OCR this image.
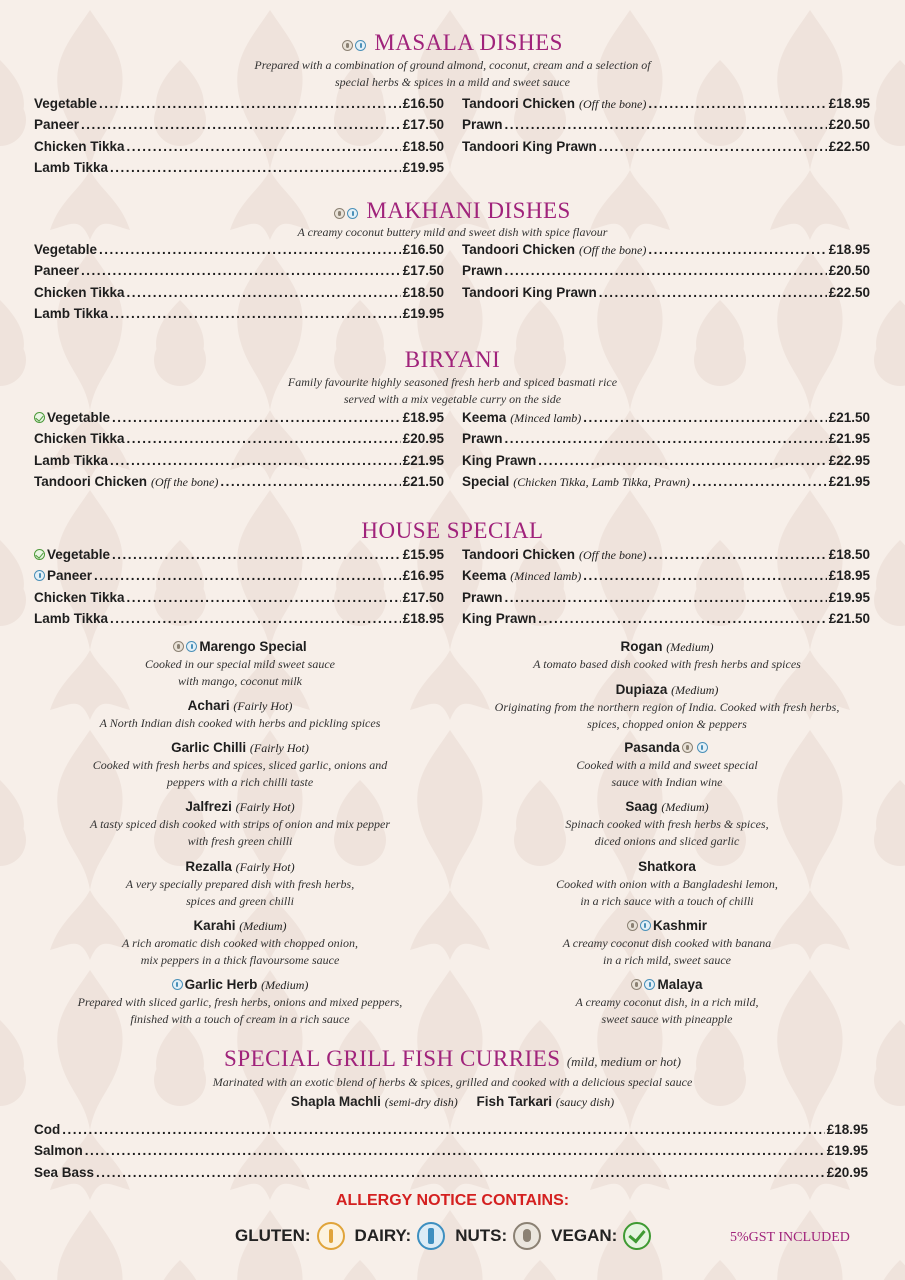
MASALA DISHES
Prepared with a combination of ground almond, coconut, cream and a selection of
special herbs & spices in a mild and sweet sauce
Vegetable .....	£16.50
Paneer .....	£17.50
Chicken Tikka .....	£18.50
Lamb Tikka .....	£19.95
Tandoori Chicken (Off the bone) .....	£18.95
Prawn .....	£20.50
Tandoori King Prawn .....	£22.50
MAKHANI DISHES
A creamy coconut buttery mild and sweet dish with spice flavour
Vegetable .....	£16.50
Paneer .....	£17.50
Chicken Tikka .....	£18.50
Lamb Tikka .....	£19.95
Tandoori Chicken (Off the bone) .....	£18.95
Prawn .....	£20.50
Tandoori King Prawn .....	£22.50
BIRYANI
Family favourite highly seasoned fresh herb and spiced basmati rice
served with a mix vegetable curry on the side
Vegetable .....	£18.95
Chicken Tikka .....	£20.95
Lamb Tikka .....	£21.95
Tandoori Chicken (Off the bone) .....	£21.50
Keema (Minced lamb) .....	£21.50
Prawn .....	£21.95
King Prawn .....	£22.95
Special (Chicken Tikka, Lamb Tikka, Prawn) .....	£21.95
HOUSE SPECIAL
Vegetable .....	£15.95
Paneer .....	£16.95
Chicken Tikka .....	£17.50
Lamb Tikka .....	£18.95
Tandoori Chicken (Off the bone) .....	£18.50
Keema (Minced lamb) .....	£18.95
Prawn .....	£19.95
King Prawn .....	£21.50
Marengo Special
Cooked in our special mild sweet sauce
with mango, coconut milk
Achari (Fairly Hot)
A North Indian dish cooked with herbs and pickling spices
Garlic Chilli (Fairly Hot)
Cooked with fresh herbs and spices, sliced garlic, onions and
peppers with a rich chilli taste
Jalfrezi (Fairly Hot)
A tasty spiced dish cooked with strips of onion and mix pepper
with fresh green chilli
Rezalla (Fairly Hot)
A very specially prepared dish with fresh herbs,
spices and green chilli
Karahi (Medium)
A rich aromatic dish cooked with chopped onion,
mix peppers in a thick flavoursome sauce
Garlic Herb (Medium)
Prepared with sliced garlic, fresh herbs, onions and mixed peppers,
finished with a touch of cream in a rich sauce
Rogan (Medium)
A tomato based dish cooked with fresh herbs and spices
Dupiaza (Medium)
Originating from the northern region of India. Cooked with fresh herbs,
spices, chopped onion & peppers
Pasanda
Cooked with a mild and sweet special
sauce with Indian wine
Saag (Medium)
Spinach cooked with fresh herbs & spices,
diced onions and sliced garlic
Shatkora
Cooked with onion with a Bangladeshi lemon,
in a rich sauce with a touch of chilli
Kashmir
A creamy coconut dish cooked with banana
in a rich mild, sweet sauce
Malaya
A creamy coconut dish, in a rich mild,
sweet sauce with pineapple
SPECIAL GRILL FISH CURRIES (mild, medium or hot)
Marinated with an exotic blend of herbs & spices, grilled and cooked with a delicious special sauce
Shapla Machli (semi-dry dish) Fish Tarkari (saucy dish)
Cod .....	£18.95
Salmon .....	£19.95
Sea Bass .....	£20.95
ALLERGY NOTICE CONTAINS:
GLUTEN:	DAIRY:	NUTS:	VEGAN:	5%GST INCLUDED
